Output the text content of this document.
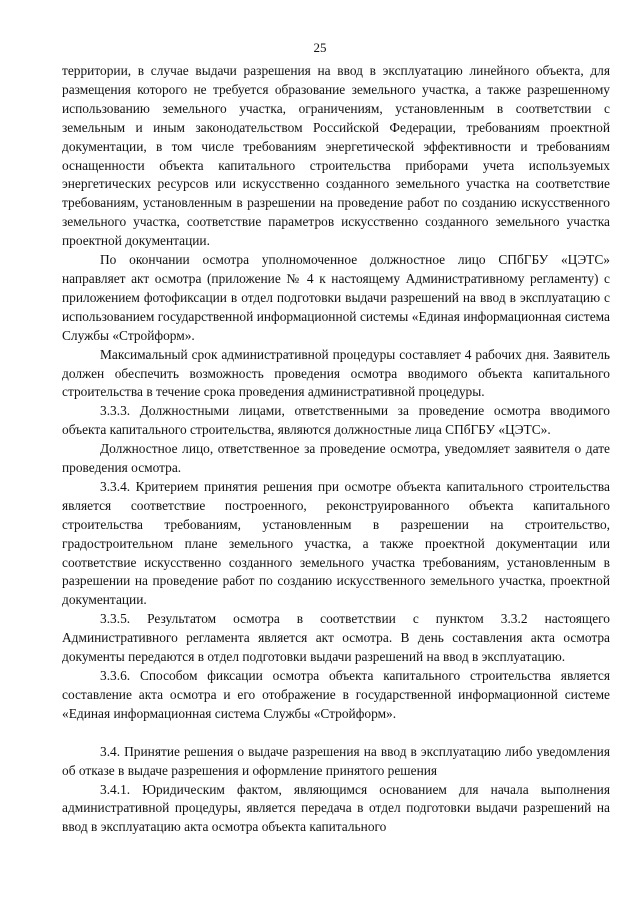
25

территории, в случае выдачи разрешения на ввод в эксплуатацию линейного объекта, для размещения которого не требуется образование земельного участка, а также разрешенному использованию земельного участка, ограничениям, установленным в соответствии с земельным и иным законодательством Российской Федерации, требованиям проектной документации, в том числе требованиям энергетической эффективности и требованиям оснащенности объекта капитального строительства приборами учета используемых энергетических ресурсов или искусственно созданного земельного участка на соответствие требованиям, установленным в разрешении на проведение работ по созданию искусственного земельного участка, соответствие параметров искусственно созданного земельного участка проектной документации.

По окончании осмотра уполномоченное должностное лицо СПбГБУ «ЦЭТС» направляет акт осмотра (приложение № 4 к настоящему Административному регламенту) с приложением фотофиксации в отдел подготовки выдачи разрешений на ввод в эксплуатацию с использованием государственной информационной системы «Единая информационная система Службы «Стройформ».

Максимальный срок административной процедуры составляет 4 рабочих дня. Заявитель должен обеспечить возможность проведения осмотра вводимого объекта капитального строительства в течение срока проведения административной процедуры.

3.3.3. Должностными лицами, ответственными за проведение осмотра вводимого объекта капитального строительства, являются должностные лица СПбГБУ «ЦЭТС».

Должностное лицо, ответственное за проведение осмотра, уведомляет заявителя о дате проведения осмотра.

3.3.4. Критерием принятия решения при осмотре объекта капитального строительства является соответствие построенного, реконструированного объекта капитального строительства требованиям, установленным в разрешении на строительство, градостроительном плане земельного участка, а также проектной документации или соответствие искусственно созданного земельного участка требованиям, установленным в разрешении на проведение работ по созданию искусственного земельного участка, проектной документации.

3.3.5. Результатом осмотра в соответствии с пунктом 3.3.2 настоящего Административного регламента является акт осмотра. В день составления акта осмотра документы передаются в отдел подготовки выдачи разрешений на ввод в эксплуатацию.

3.3.6. Способом фиксации осмотра объекта капитального строительства является составление акта осмотра и его отображение в государственной информационной системе «Единая информационная система Службы «Стройформ».

3.4. Принятие решения о выдаче разрешения на ввод в эксплуатацию либо уведомления об отказе в выдаче разрешения и оформление принятого решения

3.4.1. Юридическим фактом, являющимся основанием для начала выполнения административной процедуры, является передача в отдел подготовки выдачи разрешений на ввод в эксплуатацию акта осмотра объекта капитального
